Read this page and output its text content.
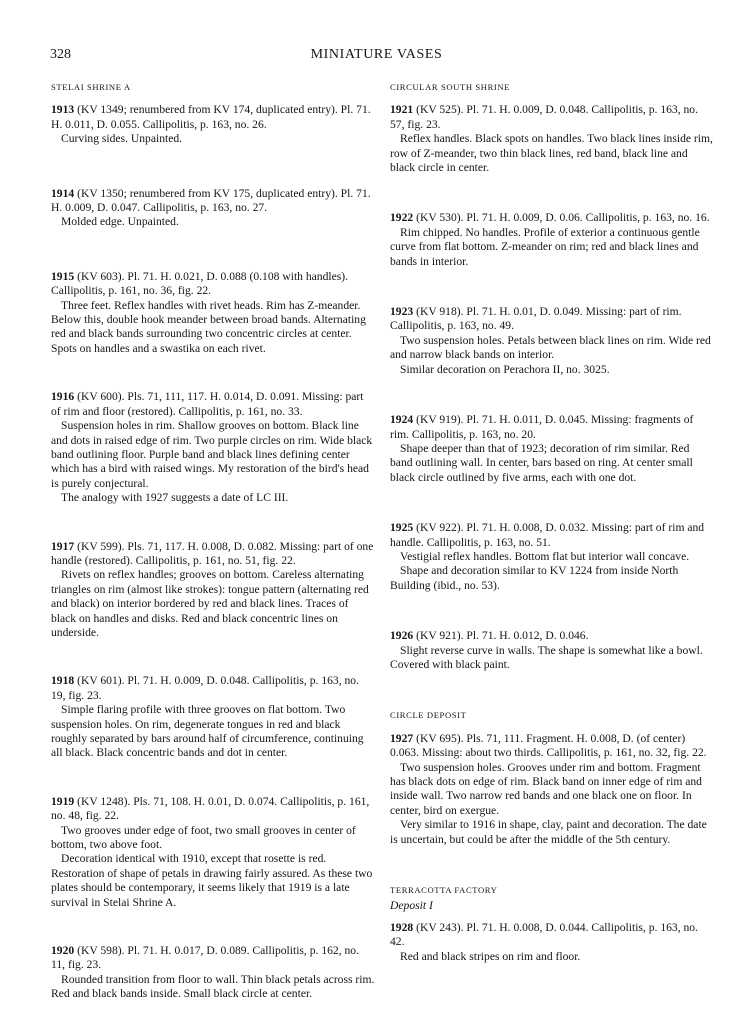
328	MINIATURE VASES
STELAI SHRINE A

1913 (KV 1349; renumbered from KV 174, duplicated entry). Pl. 71. H. 0.011, D. 0.055. Callipolitis, p. 163, no. 26.

Curving sides. Unpainted.

1914 (KV 1350; renumbered from KV 175, duplicated entry). Pl. 71. H. 0.009, D. 0.047. Callipolitis, p. 163, no. 27.

Molded edge. Unpainted.

1915 (KV 603). Pl. 71. H. 0.021, D. 0.088 (0.108 with handles). Callipolitis, p. 161, no. 36, fig. 22.

Three feet. Reflex handles with rivet heads. Rim has Z-meander. Below this, double hook meander between broad bands. Alternating red and black bands surrounding two concentric circles at center. Spots on handles and a swastika on each rivet.

1916 (KV 600). Pls. 71, 111, 117. H. 0.014, D. 0.091. Missing: part of rim and floor (restored). Callipolitis, p. 161, no. 33.

Suspension holes in rim. Shallow grooves on bottom. Black line and dots in raised edge of rim. Two purple circles on rim. Wide black band outlining floor. Purple band and black lines defining center which has a bird with raised wings. My restoration of the bird's head is purely conjectural.

The analogy with 1927 suggests a date of LC III.

1917 (KV 599). Pls. 71, 117. H. 0.008, D. 0.082. Missing: part of one handle (restored). Callipolitis, p. 161, no. 51, fig. 22.

Rivets on reflex handles; grooves on bottom. Careless alternating triangles on rim (almost like strokes): tongue pattern (alternating red and black) on interior bordered by red and black lines. Traces of black on handles and disks. Red and black concentric lines on underside.

1918 (KV 601). Pl. 71. H. 0.009, D. 0.048. Callipolitis, p. 163, no. 19, fig. 23.

Simple flaring profile with three grooves on flat bottom. Two suspension holes. On rim, degenerate tongues in red and black roughly separated by bars around half of circumference, continuing all black. Black concentric bands and dot in center.

1919 (KV 1248). Pls. 71, 108. H. 0.01, D. 0.074. Callipolitis, p. 161, no. 48, fig. 22.

Two grooves under edge of foot, two small grooves in center of bottom, two above foot.

Decoration identical with 1910, except that rosette is red. Restoration of shape of petals in drawing fairly assured. As these two plates should be contemporary, it seems likely that 1919 is a late survival in Stelai Shrine A.

1920 (KV 598). Pl. 71. H. 0.017, D. 0.089. Callipolitis, p. 162, no. 11, fig. 23.

Rounded transition from floor to wall. Thin black petals across rim. Red and black bands inside. Small black circle at center.

CIRCULAR SOUTH SHRINE

1921 (KV 525). Pl. 71. H. 0.009, D. 0.048. Callipolitis, p. 163, no. 57, fig. 23.

Reflex handles. Black spots on handles. Two black lines inside rim, row of Z-meander, two thin black lines, red band, black line and black circle in center.

1922 (KV 530). Pl. 71. H. 0.009, D. 0.06. Callipolitis, p. 163, no. 16.

Rim chipped. No handles. Profile of exterior a continuous gentle curve from flat bottom. Z-meander on rim; red and black lines and bands in interior.

1923 (KV 918). Pl. 71. H. 0.01, D. 0.049. Missing: part of rim. Callipolitis, p. 163, no. 49.

Two suspension holes. Petals between black lines on rim. Wide red and narrow black bands on interior.

Similar decoration on Perachora II, no. 3025.

1924 (KV 919). Pl. 71. H. 0.011, D. 0.045. Missing: fragments of rim. Callipolitis, p. 163, no. 20.

Shape deeper than that of 1923; decoration of rim similar. Red band outlining wall. In center, bars based on ring. At center small black circle outlined by five arms, each with one dot.

1925 (KV 922). Pl. 71. H. 0.008, D. 0.032. Missing: part of rim and handle. Callipolitis, p. 163, no. 51.

Vestigial reflex handles. Bottom flat but interior wall concave.

Shape and decoration similar to KV 1224 from inside North Building (ibid., no. 53).

1926 (KV 921). Pl. 71. H. 0.012, D. 0.046.

Slight reverse curve in walls. The shape is somewhat like a bowl. Covered with black paint.

CIRCLE DEPOSIT

1927 (KV 695). Pls. 71, 111. Fragment. H. 0.008, D. (of center) 0.063. Missing: about two thirds. Callipolitis, p. 161, no. 32, fig. 22.

Two suspension holes. Grooves under rim and bottom. Fragment has black dots on edge of rim. Black band on inner edge of rim and inside wall. Two narrow red bands and one black one on floor. In center, bird on exergue.

Very similar to 1916 in shape, clay, paint and decoration. The date is uncertain, but could be after the middle of the 5th century.

TERRACOTTA FACTORY
Deposit I

1928 (KV 243). Pl. 71. H. 0.008, D. 0.044. Callipolitis, p. 163, no. 42.

Red and black stripes on rim and floor.
